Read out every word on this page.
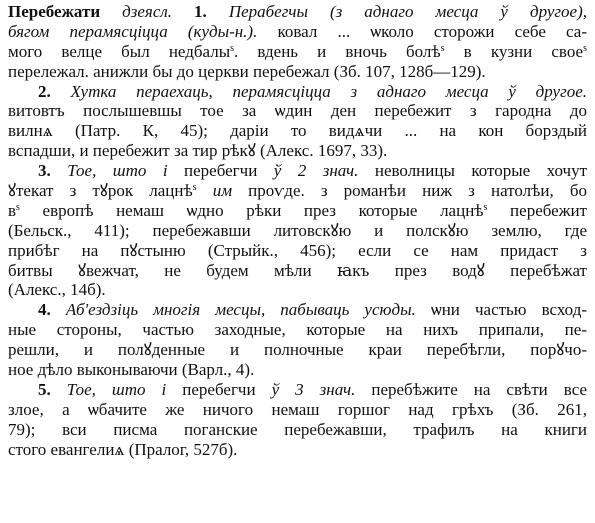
Перебежати дзеясл. 1. Перабегчы (з аднаго месца ў другое),
бягом перамясціцца (куды-н.). ковал ... ѡколо сторожи себе са-
мого велце был недбалы$^s$. вдень и вночь болѣ$^s$ в кузни свое$^s$
перележал. анижли бы до церкви перебежал (Зб. 107, 128б—129).
2. Хутка пераехаць, перамясціцца з аднаго месца ў другое.
витовтъ послышевшы тое за ѡдин ден перебежит з гародна до
вилнѧ (Патр. К, 45); дарiи то видѧчи ... на кон борздый
вспадши, и перебежит за тир рѣкꙋ (Алекс. 1697, 33).
3. Тое, што і перебегчи ў 2 знач. неволницы которые хочут
ꙋтекат з тꙋрок лацнѣ$^s$ им проѵде. з романѣи ниж з натолѣи, бо
$в^s$ европѣ немаш ѡдно рѣки през которые лацнѣ$^s$ перебежит
(Бельск., 411); перебежавши литовскꙋю и полскꙋю землю, где
прибѣг на пꙋстыню (Стрыйк., 456); если се нам придаст з
битвы ꙋвежчат, не будем мѣли ꙗкъ през водꙋ перебѣжат
(Алекс., 14б).
4. Аб'ездзіць многія месцы, пабываць усюды. ѡни частью всход-
ные стороны, частью заходные, которые на нихъ припали, пе-
решли, и полꙋденные и полночные краи перебѣгли, порꙋчо-
ное дѣло выконываючи (Варл., 4).
5. Тое, што і перебегчи ў 3 знач. перебѣжите на свѣти все
злое, а ѡбачите же ничого немаш горшог над грѣхъ (Зб. 261,
79); вси писма поганские перебежавши, трафилъ на книги
стого евангелиѧ (Пралог, 527б).
